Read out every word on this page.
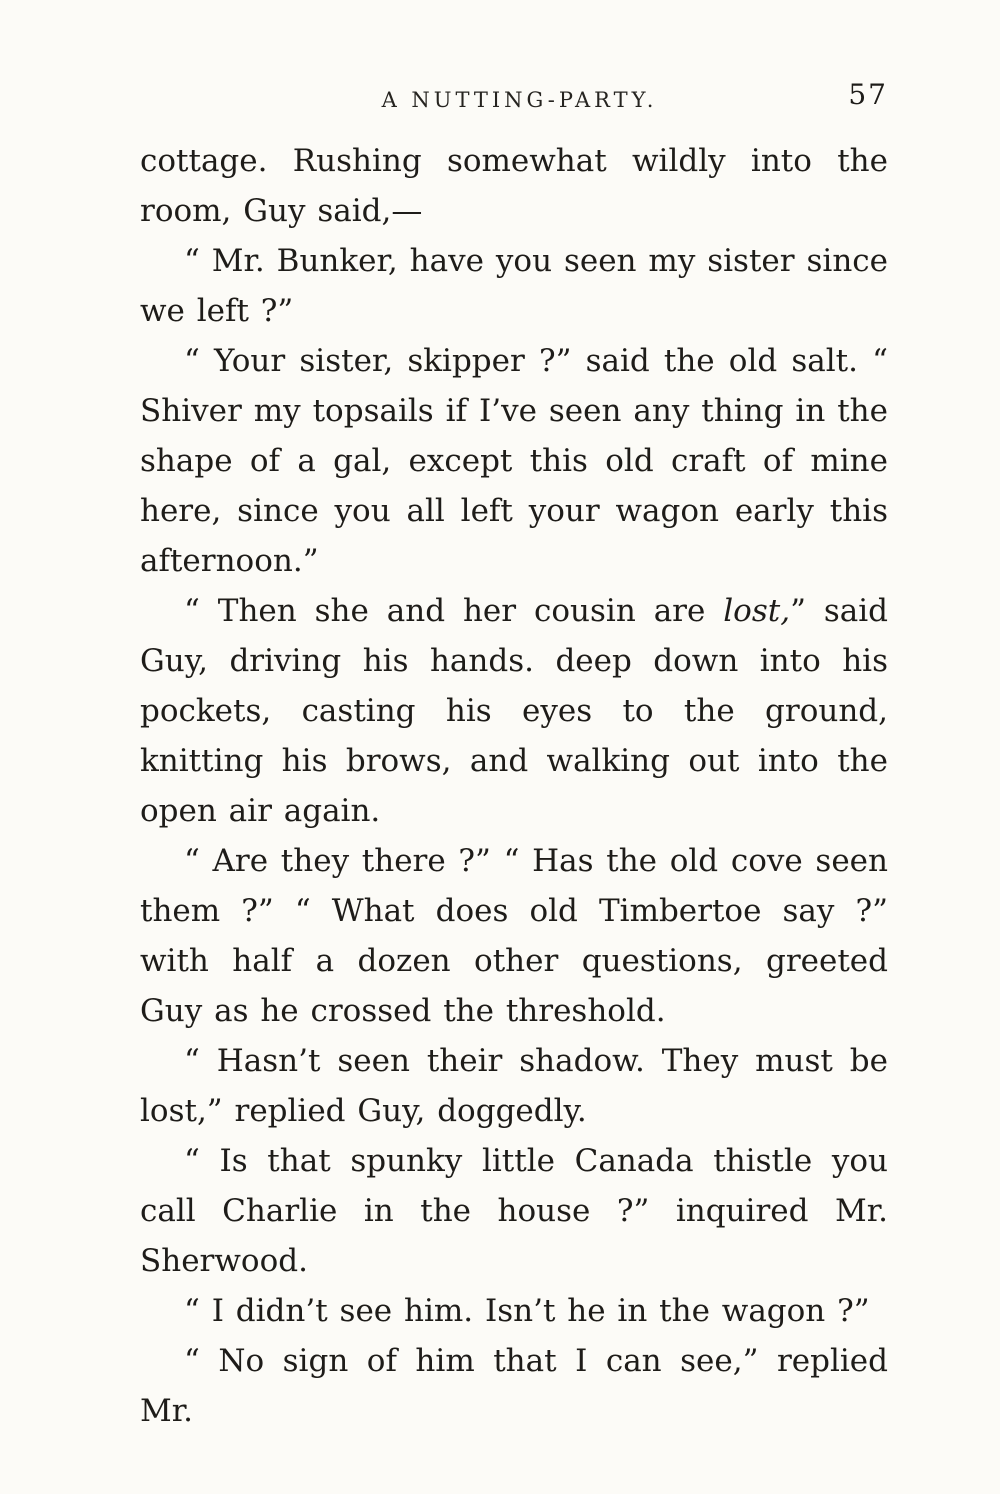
A NUTTING-PARTY.	57

cottage. Rushing somewhat wildly into the room, Guy said,—

“ Mr. Bunker, have you seen my sister since we left ?”

“ Your sister, skipper ?” said the old salt. “ Shiver my topsails if I’ve seen any thing in the shape of a gal, except this old craft of mine here, since you all left your wagon early this afternoon.”

“ Then she and her cousin are lost,” said Guy, driving his hands. deep down into his pockets, casting his eyes to the ground, knitting his brows, and walking out into the open air again.

“ Are they there ?” “ Has the old cove seen them ?” “ What does old Timbertoe say ?” with half a dozen other questions, greeted Guy as he crossed the threshold.

“ Hasn’t seen their shadow. They must be lost,” replied Guy, doggedly.

“ Is that spunky little Canada thistle you call Charlie in the house ?” inquired Mr. Sherwood.

“ I didn’t see him. Isn’t he in the wagon ?”

“ No sign of him that I can see,” replied Mr.
